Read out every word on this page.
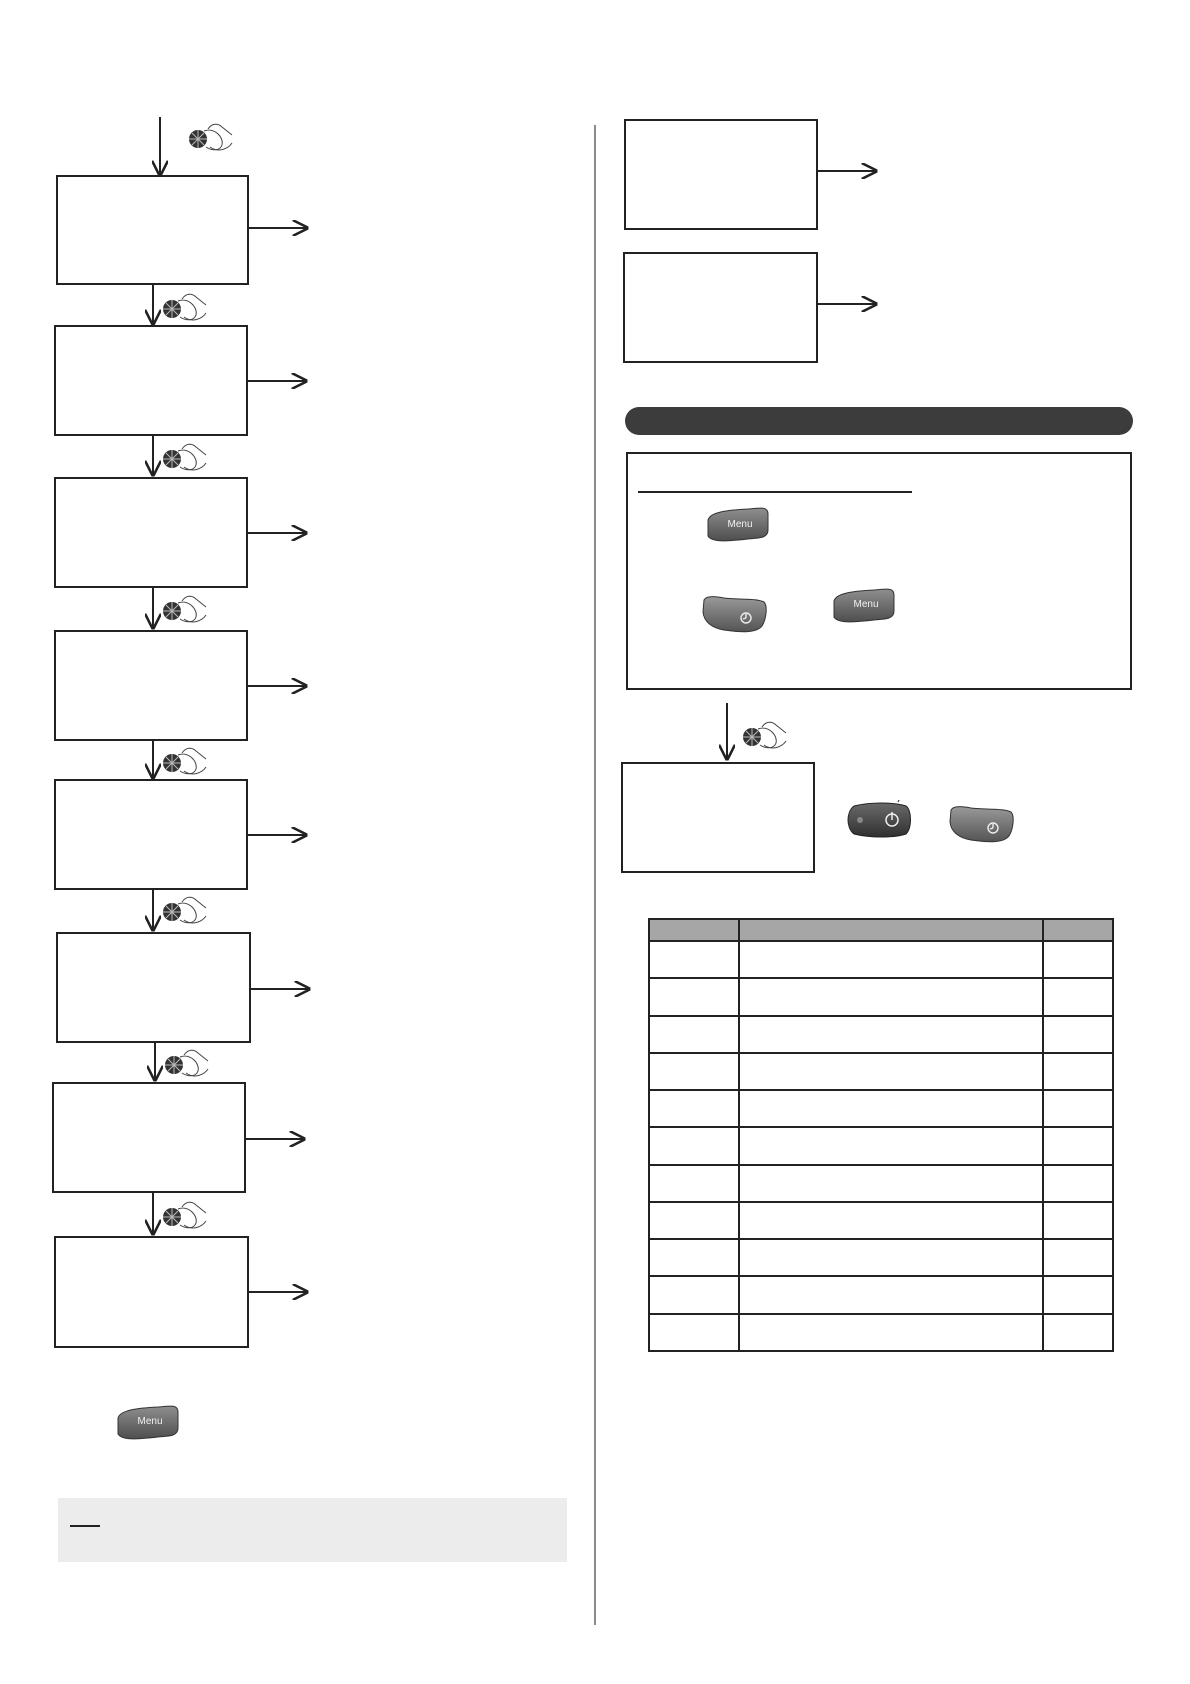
Menu
Menu
Menu
